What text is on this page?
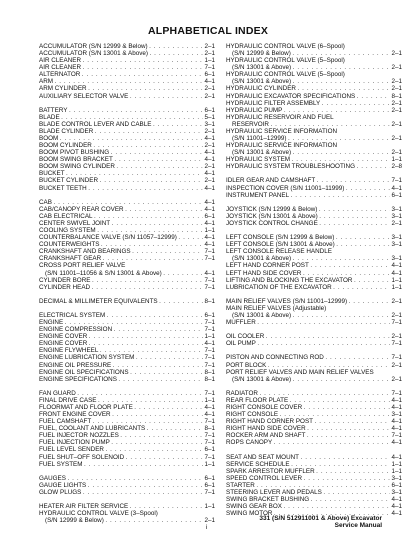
ALPHABETICAL INDEX
ACCUMULATOR (S/N 12999 & Below) . . .	2–1
ACCUMULATOR (S/N 13001 & Above) . . .	2–1
AIR CLEANER . . .	1–1
AIR CLEANER . . .	7–1
ALTERNATOR . . .	6–1
ARM . . .	4–1
ARM CYLINDER . . .	2–1
AUXILIARY SELECTOR VALVE . . .	2–1
BATTERY . . .	6–1
BLADE . . .	5–1
BLADE CONTROL LEVER AND CABLE . . .	3–1
BLADE CYLINDER . . .	2–1
BOOM . . .	4–1
BOOM CYLINDER . . .	2–1
BOOM PIVOT BUSHING . . .	4–1
BOOM SWING BRACKET . . .	4–1
BOOM SWING CYLINDER . . .	2–1
BUCKET . . .	4–1
BUCKET CYLINDER . . .	2–1
BUCKET TEETH . . .	4–1
CAB . . .	4–1
CAB/CANOPY REAR COVER . . .	4–1
CAB ELECTRICAL . . .	6–1
CENTER SWIVEL JOINT . . .	4–1
COOLING SYSTEM . . .	1–1
COUNTERBALANCE VALVE (S/N 11057–12999) . . .	4–1
COUNTERWEIGHTS . . .	4–1
CRANKSHAFT AND BEARINGS . . .	7–1
CRANKSHAFT GEAR . . .	7–1
CROSS PORT RELIEF VALVE
(S/N 11001–11056 & S/N 13001 & Above) . . .	4–1
CYLINDER BORE . . .	7–1
CYLINDER HEAD . . .	7–1
DECIMAL & MILLIMETER EQUIVALENTS . . .	8–1
ELECTRICAL SYSTEM . . .	6–1
ENGINE . . .	7–1
ENGINE COMPRESSION . . .	7–1
ENGINE COVER . . .	1–1
ENGINE COVER . . .	4–1
ENGINE FLYWHEEL . . .	7–1
ENGINE LUBRICATION SYSTEM . . .	7–1
ENGINE OIL PRESSURE . . .	7–1
ENGINE OIL SPECIFICATIONS . . .	8–1
ENGINE SPECIFICATIONS . . .	8–1
FAN GUARD . . .	7–1
FINAL DRIVE CASE . . .	1–1
FLOORMAT AND FLOOR PLATE . . .	4–1
FRONT ENGINE COVER . . .	4–1
FUEL CAMSHAFT . . .	7–1
FUEL, COOLANT AND LUBRICANTS . . .	8–1
FUEL INJECTOR NOZZLES . . .	7–1
FUEL INJECTION PUMP . . .	7–1
FUEL LEVEL SENDER . . .	6–1
FUEL SHUT–OFF SOLENOID . . .	7–1
FUEL SYSTEM . . .	1–1
GAUGES . . .	6–1
GAUGE LIGHTS . . .	6–1
GLOW PLUGS . . .	7–1
HEATER AIR FILTER SERVICE . . .	1–1
HYDRAULIC CONTROL VALVE (3–Spool)
(S/N 12999 & Below) . . .	2–1
HYDRAULIC CONTROL VALVE (6–Spool)
(S/N 12999 & Below) . . .	2–1
HYDRAULIC CONTROL VALVE (5–Spool)
(S/N 13001 & Above) . . .	2–1
HYDRAULIC CONTROL VALVE (5–Spool)
(S/N 13001 & Above) . . .	2–1
HYDRAULIC CYLINDER . . .	2–1
HYDRAULIC EXCAVATOR SPECIFICATIONS . . .	8–1
HYDRAULIC FILTER ASSEMBLY . . .	2–1
HYDRAULIC PUMP . . .	2–1
HYDRAULIC RESERVOIR AND FUEL
RESERVOIR . . .	2–1
HYDRAULIC SERVICE INFORMATION
(S/N 11001–12999) . . .	2–1
HYDRAULIC SERVICE INFORMATION
(S/N 13001 & Above) . . .	2–1
HYDRAULIC SYSTEM . . .	1–1
HYDRAULIC SYSTEM TROUBLESHOOTING . . .	2–8
IDLER GEAR AND CAMSHAFT . . .	7–1
INSPECTION COVER (S/N 11001–11999) . . .	4–1
INSTRUMENT PANEL . . .	6–1
JOYSTICK (S/N 12999 & Below) . . .	3–1
JOYSTICK (S/N 13001 & Above) . . .	3–1
JOYSTICK CONTROL CHANGE . . .	2–1
LEFT CONSOLE (S/N 12999 & Below) . . .	3–1
LEFT CONSOLE (S/N 13001 & Above) . . .	3–1
LEFT CONSOLE RELEASE HANDLE
(S/N 13001 & Above) . . .	3–1
LEFT HAND CORNER POST . . .	4–1
LEFT HAND SIDE COVER . . .	4–1
LIFTING AND BLOCKING THE EXCAVATOR . . .	1–1
LUBRICATION OF THE EXCAVATOR . . .	1–1
MAIN RELIEF VALVES (S/N 11001–12999) . . .	2–1
MAIN RELIEF VALVES (Adjustable)
(S/N 13001 & Above) . . .	2–1
MUFFLER . . .	7–1
OIL COOLER . . .	2–1
OIL PUMP . . .	7–1
PISTON AND CONNECTING ROD . . .	7–1
PORT BLOCK . . .	2–1
PORT RELIEF VALVES AND MAIN RELIEF VALVES
(S/N 13001 & Above) . . .	2–1
RADIATOR . . .	7–1
REAR FLOOR PLATE . . .	4–1
RIGHT CONSOLE COVER . . .	4–1
RIGHT CONSOLE . . .	3–1
RIGHT HAND CORNER POST . . .	4–1
RIGHT HAND SIDE COVER . . .	4–1
ROCKER ARM AND SHAFT . . .	7–1
ROPS CANOPY . . .	4–1
SEAT AND SEAT MOUNT . . .	4–1
SERVICE SCHEDULE . . .	1–1
SPARK ARRESTOR MUFFLER . . .	1–1
SPEED CONTROL LEVER . . .	3–1
STARTER . . .	6–1
STEERING LEVER AND PEDALS . . .	3–1
SWING BRACKET BUSHING . . .	4–1
SWING GEAR BOX . . .	4–1
SWING MOTOR . . .	4–1
i
331 (S/N 512911001 & Above) Excavator
Service Manual
